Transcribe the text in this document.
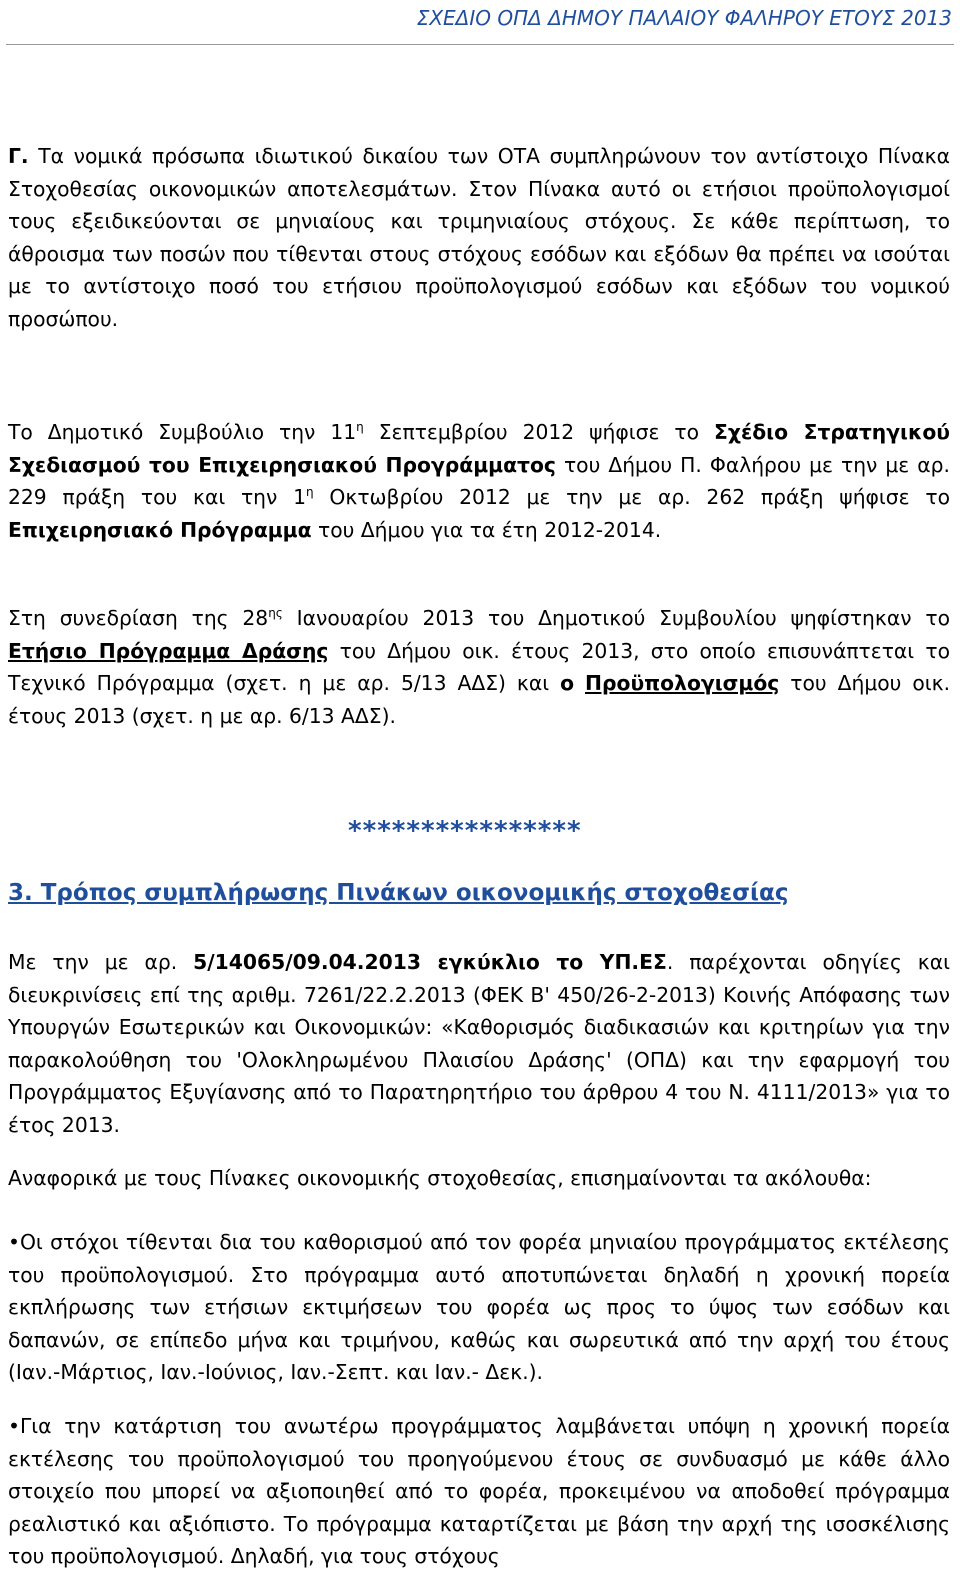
ΣΧΕΔΙΟ ΟΠΔ ΔΗΜΟΥ ΠΑΛΑΙΟΥ ΦΑΛΗΡΟΥ ΕΤΟΥΣ 2013

Γ. Τα νομικά πρόσωπα ιδιωτικού δικαίου των ΟΤΑ συμπληρώνουν τον αντίστοιχο Πίνακα Στοχοθεσίας οικονομικών αποτελεσμάτων. Στον Πίνακα αυτό οι ετήσιοι προϋπολογισμοί τους εξειδικεύονται σε μηνιαίους και τριμηνιαίους στόχους. Σε κάθε περίπτωση, το άθροισμα των ποσών που τίθενται στους στόχους εσόδων και εξόδων θα πρέπει να ισούται με το αντίστοιχο ποσό του ετήσιου προϋπολογισμού εσόδων και εξόδων του νομικού προσώπου.

Το Δημοτικό Συμβούλιο την $11^\eta$ Σεπτεμβρίου 2012 ψήφισε το Σχέδιο Στρατηγικού Σχεδιασμού του Επιχειρησιακού Προγράμματος του Δήμου Π. Φαλήρου με την με αρ. 229 πράξη του και την $1^\eta$ Οκτωβρίου 2012 με την με αρ. 262 πράξη ψήφισε το Επιχειρησιακό Πρόγραμμα του Δήμου για τα έτη 2012-2014.

Στη συνεδρίαση της $28^{\eta\varsigma}$ Ιανουαρίου 2013 του Δημοτικού Συμβουλίου ψηφίστηκαν το Ετήσιο Πρόγραμμα Δράσης του Δήμου οικ. έτους 2013, στο οποίο επισυνάπτεται το Τεχνικό Πρόγραμμα (σχετ. η με αρ. 5/13 ΑΔΣ) και ο Προϋπολογισμός του Δήμου οικ. έτους 2013 (σχετ. η με αρ. 6/13 ΑΔΣ).

****************
3. Τρόπος συμπλήρωσης Πινάκων οικονομικής στοχοθεσίας

Με την με αρ. 5/14065/09.04.2013 εγκύκλιο το ΥΠ.ΕΣ. παρέχονται οδηγίες και διευκρινίσεις επί της αριθμ. 7261/22.2.2013 (ΦΕΚ Β' 450/26-2-2013) Κοινής Απόφασης των Υπουργών Εσωτερικών και Οικονομικών: «Καθορισμός διαδικασιών και κριτηρίων για την παρακολούθηση του 'Ολοκληρωμένου Πλαισίου Δράσης' (ΟΠΔ) και την εφαρμογή του Προγράμματος Εξυγίανσης από το Παρατηρητήριο του άρθρου 4 του Ν. 4111/2013» για το έτος 2013.

Αναφορικά με τους Πίνακες οικονομικής στοχοθεσίας, επισημαίνονται τα ακόλουθα:

•Οι στόχοι τίθενται δια του καθορισμού από τον φορέα μηνιαίου προγράμματος εκτέλεσης του προϋπολογισμού. Στο πρόγραμμα αυτό αποτυπώνεται δηλαδή η χρονική πορεία εκπλήρωσης των ετήσιων εκτιμήσεων του φορέα ως προς το ύψος των εσόδων και δαπανών, σε επίπεδο μήνα και τριμήνου, καθώς και σωρευτικά από την αρχή του έτους (Ιαν.-Μάρτιος, Ιαν.-Ιούνιος, Ιαν.-Σεπτ. και Ιαν.- Δεκ.).

•Για την κατάρτιση του ανωτέρω προγράμματος λαμβάνεται υπόψη η χρονική πορεία εκτέλεσης του προϋπολογισμού του προηγούμενου έτους σε συνδυασμό με κάθε άλλο στοιχείο που μπορεί να αξιοποιηθεί από το φορέα, προκειμένου να αποδοθεί πρόγραμμα ρεαλιστικό και αξιόπιστο. Το πρόγραμμα καταρτίζεται με βάση την αρχή της ισοσκέλισης του προϋπολογισμού. Δηλαδή, για τους στόχους
